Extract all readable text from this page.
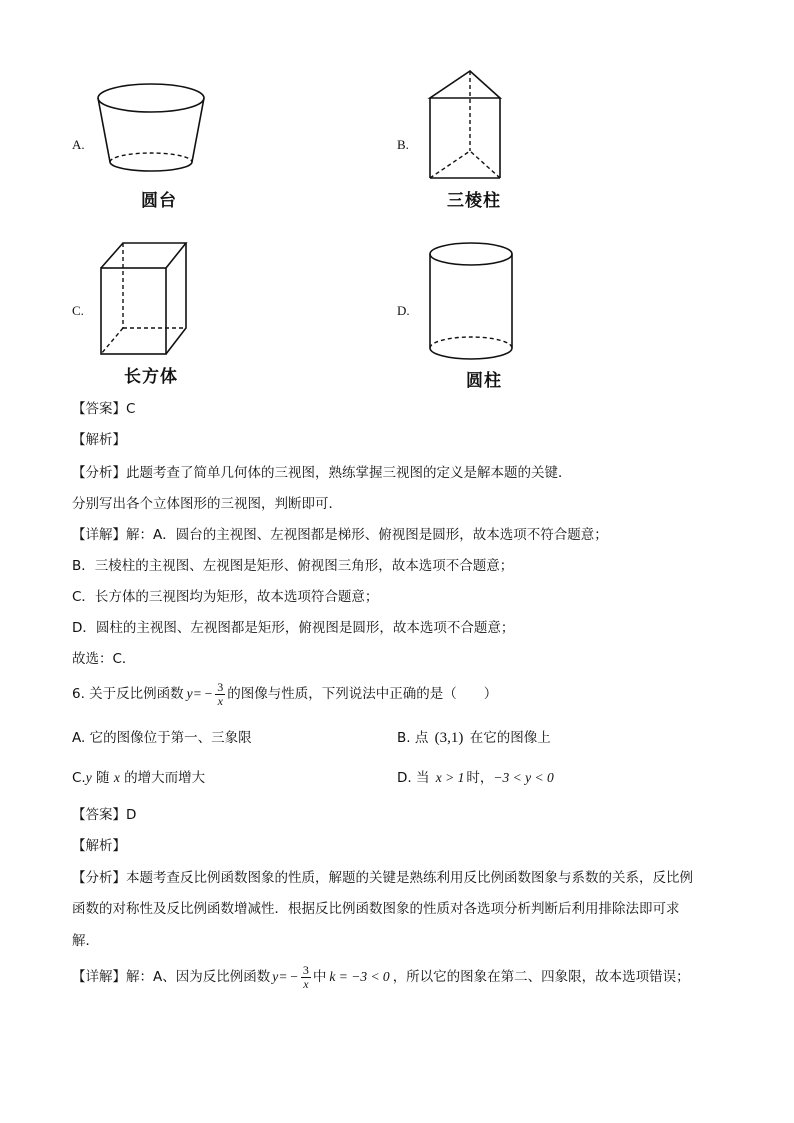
A.
圆台
B.
三棱柱
C.
长方体
D.
圆柱
【答案】C
【解析】
【分析】此题考查了简单几何体的三视图，熟练掌握三视图的定义是解本题的关键．
分别写出各个立体图形的三视图，判断即可．
【详解】解：A．圆台的主视图、左视图都是梯形、俯视图是圆形，故本选项不符合题意；
B．三棱柱的主视图、左视图是矩形、俯视图三角形，故本选项不合题意；
C．长方体的三视图均为矩形，故本选项符合题意；
D．圆柱的主视图、左视图都是矩形，俯视图是圆形，故本选项不合题意；
故选：C．
6. 关于反比例函数 y = − $\frac{3}{x}$ 的图像与性质，下列说法中正确的是（　　）
A. 它的图像位于第一、三象限	B. 点 (3,1) 在它的图像上
C.y 随 x 的增大而增大	D. 当 x > 1 时，−3 < y < 0
【答案】D
【解析】
【分析】本题考查反比例函数图象的性质，解题的关键是熟练利用反比例函数图象与系数的关系，反比例
函数的对称性及反比例函数增减性．根据反比例函数图象的性质对各选项分析判断后利用排除法即可求
解．
【详解】解：A、因为反比例函数 y = − $\frac{3}{x}$ 中 k = −3 < 0 ，所以它的图象在第二、四象限，故本选项错误；
